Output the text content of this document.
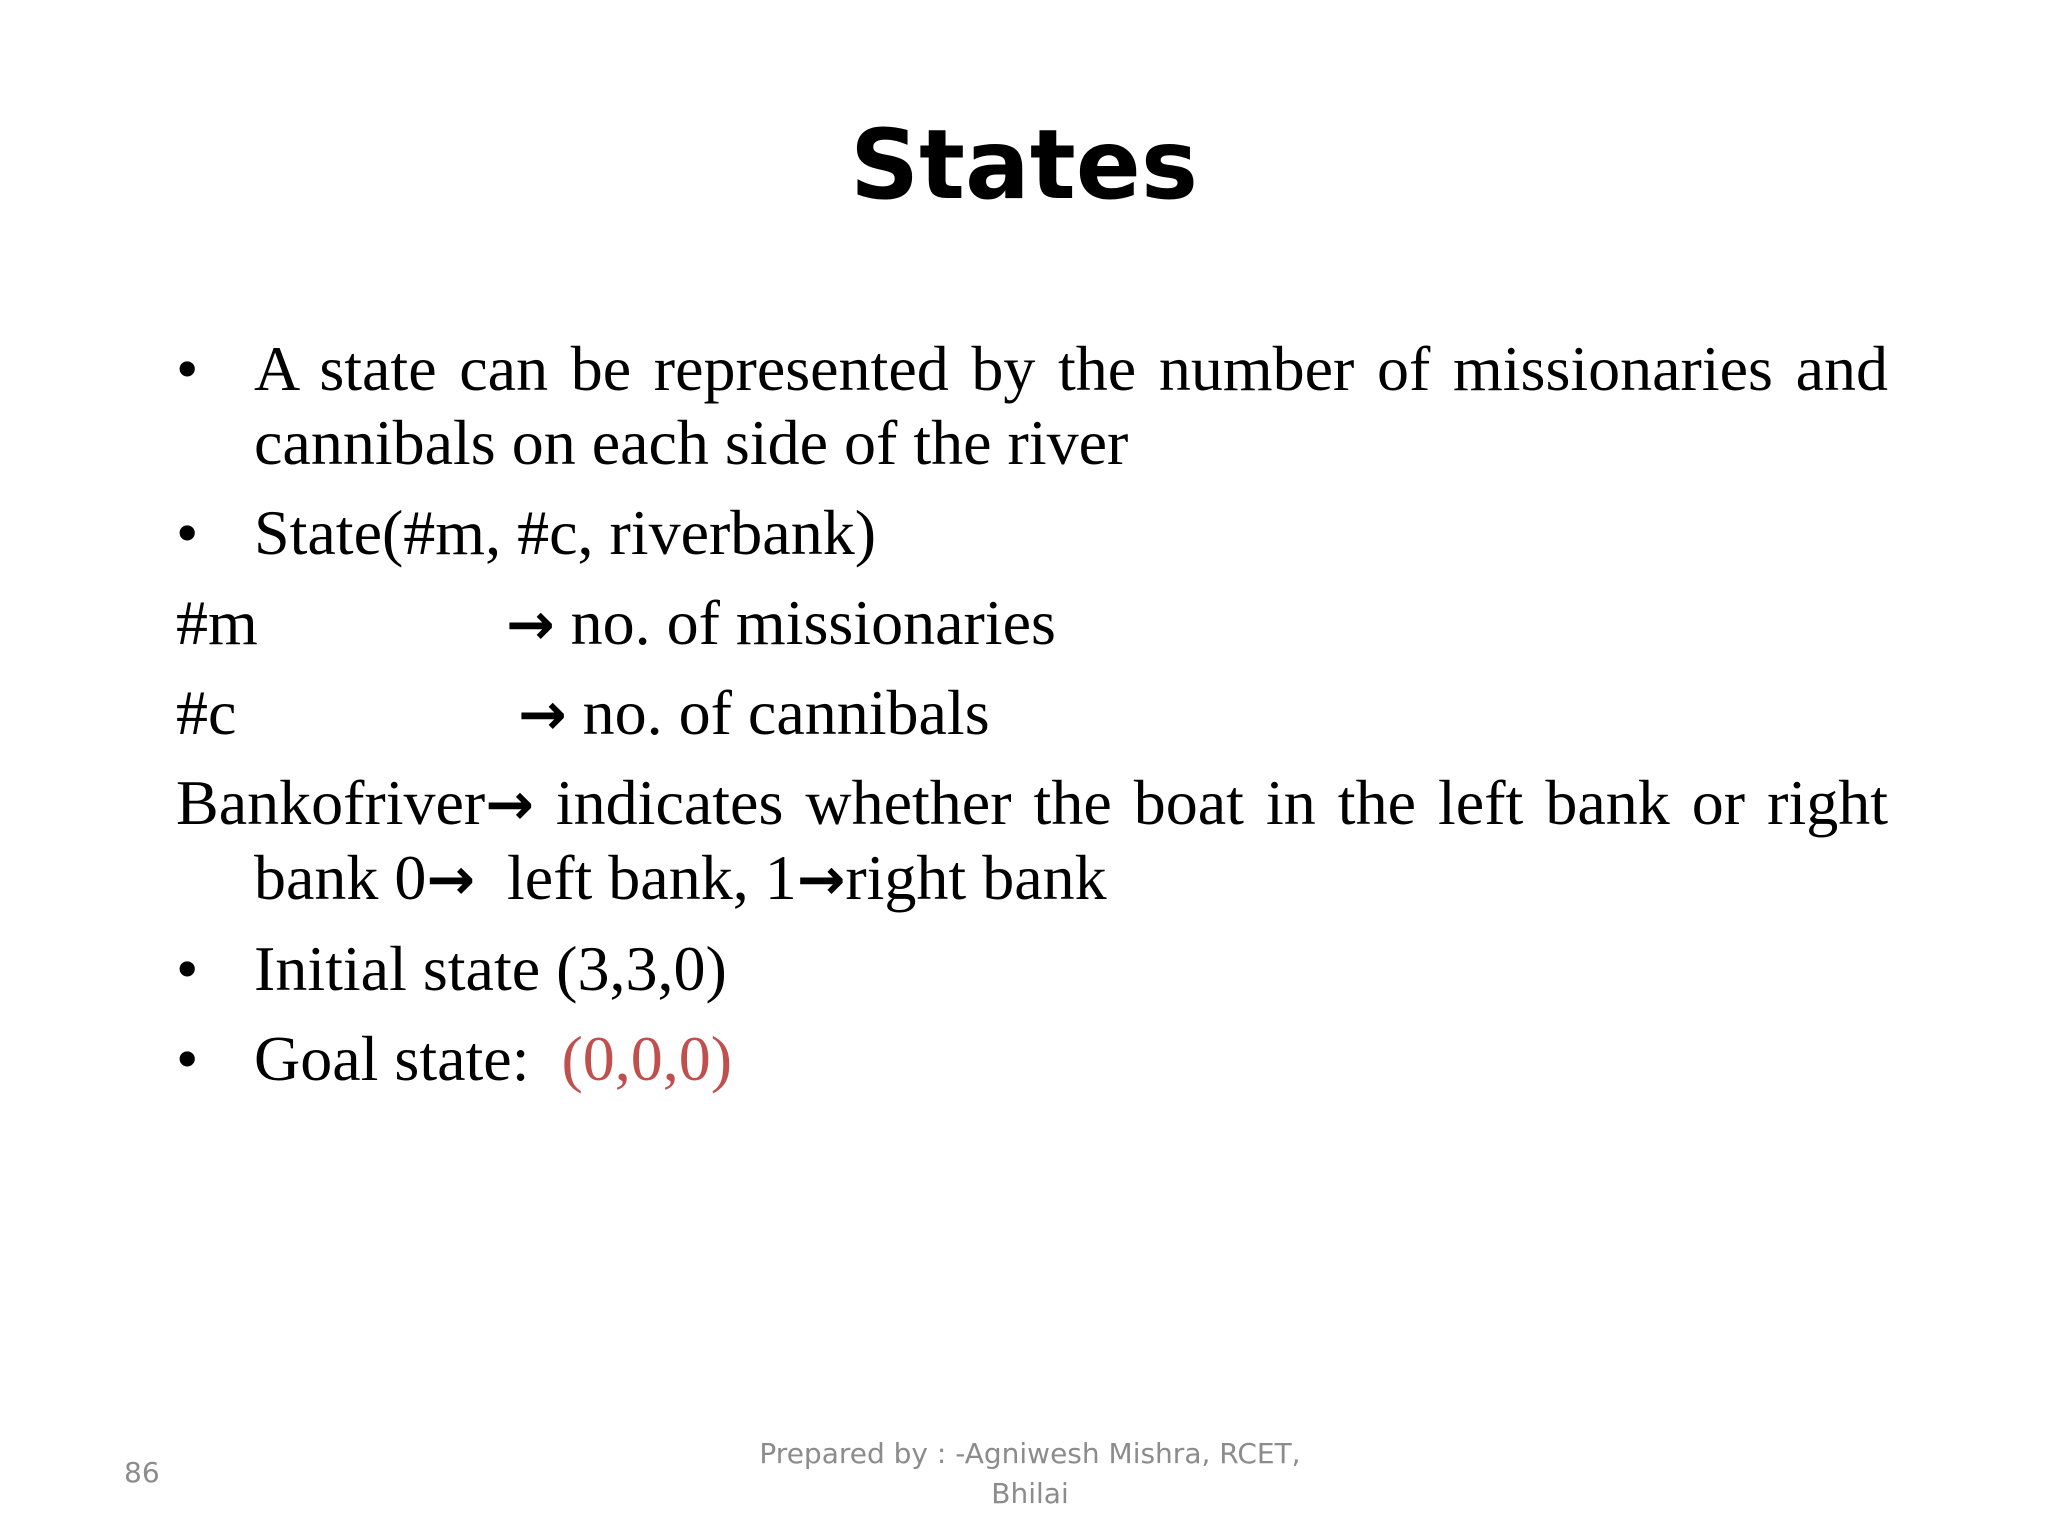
States
• A state can be represented by the number of missionaries and cannibals on each side of the river
• State(#m, #c, riverbank)
#m	→ no. of missionaries
#c	→ no. of cannibals
Bankofriver→ indicates whether the boat in the left bank or right bank 0→ left bank, 1→right bank
• Initial state (3,3,0)
• Goal state: (0,0,0)
86
Prepared by : -Agniwesh Mishra, RCET,
Bhilai
